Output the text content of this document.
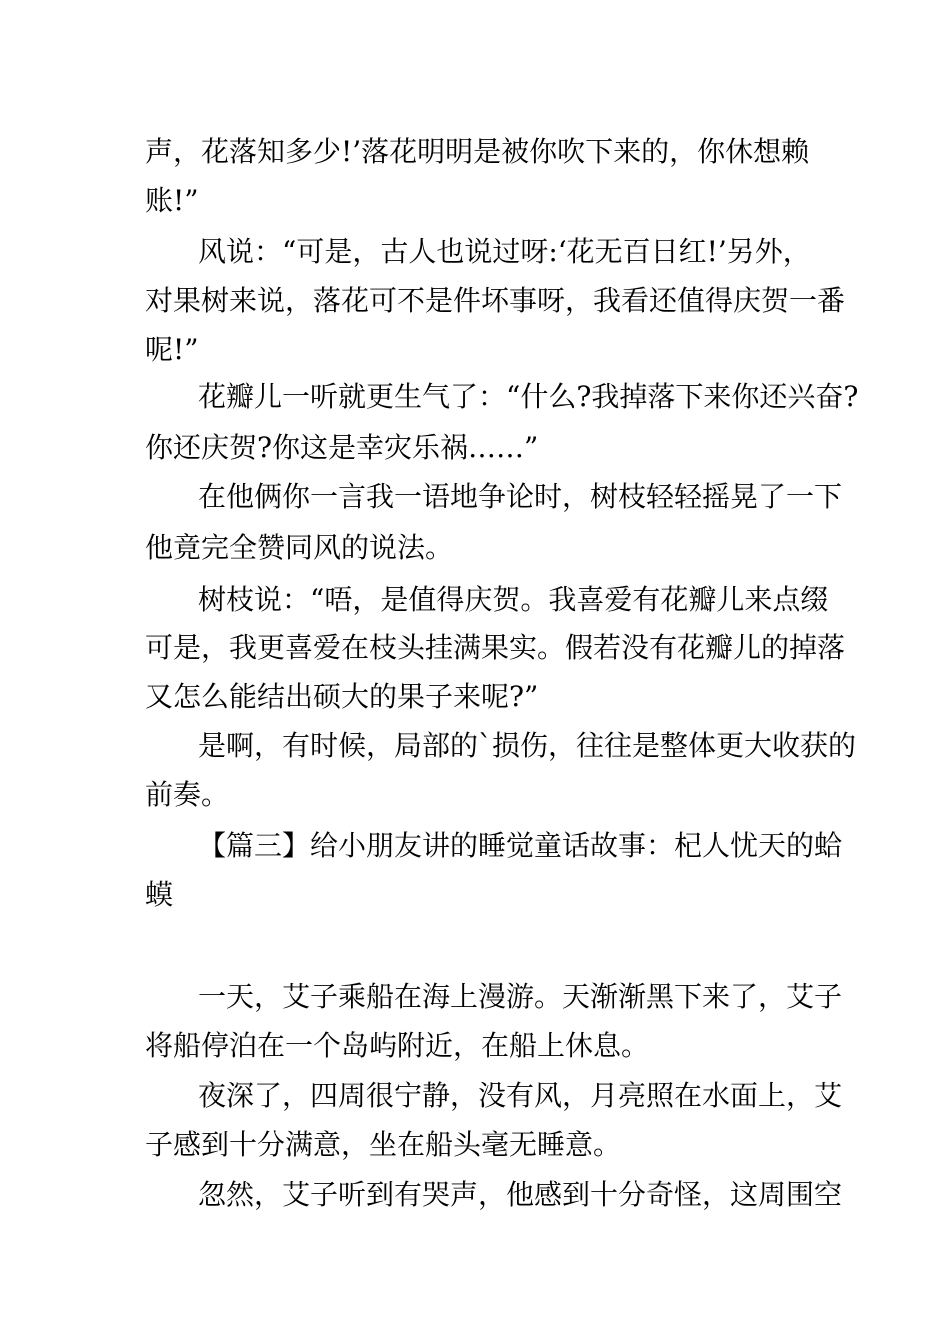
声，花落知多少!’落花明明是被你吹下来的，你休想赖
账!”
风说：“可是，古人也说过呀:‘花无百日红!’另外，
对果树来说，落花可不是件坏事呀，我看还值得庆贺一番
呢!”
花瓣儿一听就更生气了：“什么?我掉落下来你还兴奋?
你还庆贺?你这是幸灾乐祸……”
在他俩你一言我一语地争论时，树枝轻轻摇晃了一下
他竟完全赞同风的说法。
树枝说：“唔，是值得庆贺。我喜爱有花瓣儿来点缀
可是，我更喜爱在枝头挂满果实。假若没有花瓣儿的掉落
又怎么能结出硕大的果子来呢?”
是啊，有时候，局部的`损伤，往往是整体更大收获的
前奏。
【篇三】给小朋友讲的睡觉童话故事：杞人忧天的蛤
蟆
一天，艾子乘船在海上漫游。天渐渐黑下来了，艾子
将船停泊在一个岛屿附近，在船上休息。
夜深了，四周很宁静，没有风，月亮照在水面上，艾
子感到十分满意，坐在船头毫无睡意。
忽然，艾子听到有哭声，他感到十分奇怪，这周围空
